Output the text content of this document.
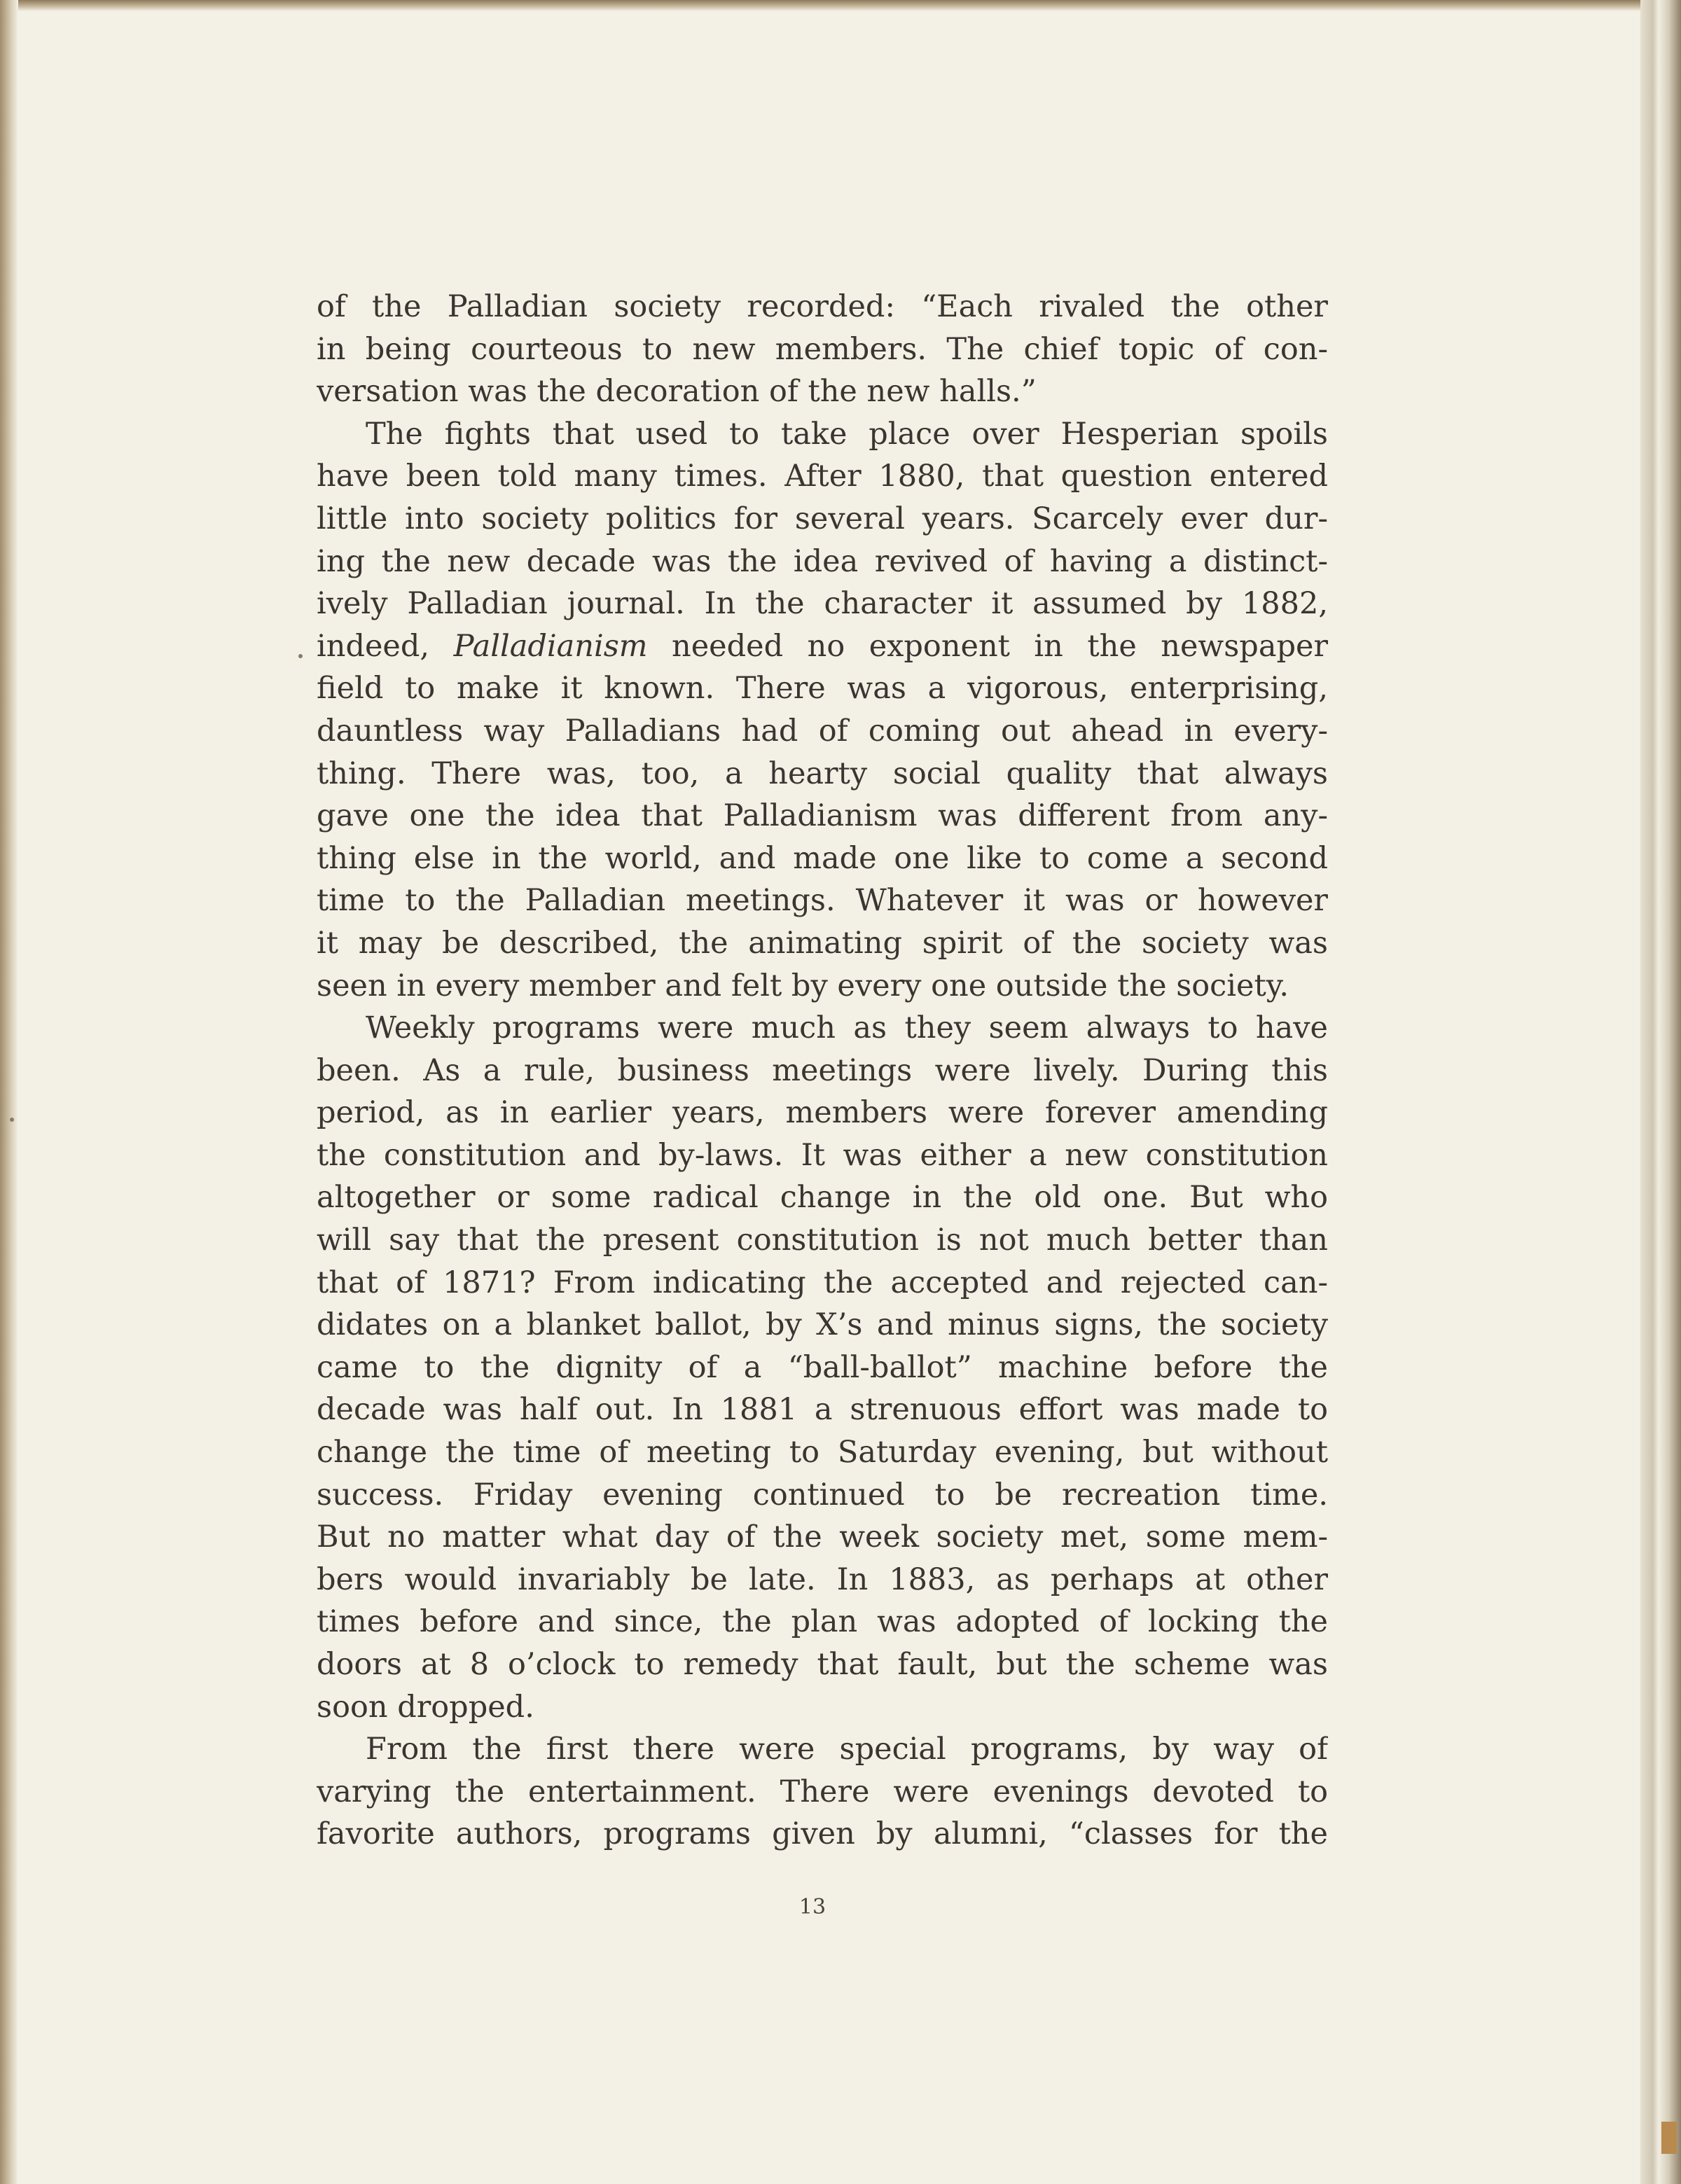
of the Palladian society recorded: “Each rivaled the other
in being courteous to new members. The chief topic of con-
versation was the decoration of the new halls.”
The fights that used to take place over Hesperian spoils
have been told many times. After 1880, that question entered
little into society politics for several years. Scarcely ever dur-
ing the new decade was the idea revived of having a distinct-
ively Palladian journal. In the character it assumed by 1882,
indeed, Palladianism needed no exponent in the newspaper
field to make it known. There was a vigorous, enterprising,
dauntless way Palladians had of coming out ahead in every-
thing. There was, too, a hearty social quality that always
gave one the idea that Palladianism was different from any-
thing else in the world, and made one like to come a second
time to the Palladian meetings. Whatever it was or however
it may be described, the animating spirit of the society was
seen in every member and felt by every one outside the society.
Weekly programs were much as they seem always to have
been. As a rule, business meetings were lively. During this
period, as in earlier years, members were forever amending
the constitution and by-laws. It was either a new constitution
altogether or some radical change in the old one. But who
will say that the present constitution is not much better than
that of 1871? From indicating the accepted and rejected can-
didates on a blanket ballot, by X’s and minus signs, the society
came to the dignity of a “ball-ballot” machine before the
decade was half out. In 1881 a strenuous effort was made to
change the time of meeting to Saturday evening, but without
success. Friday evening continued to be recreation time.
But no matter what day of the week society met, some mem-
bers would invariably be late. In 1883, as perhaps at other
times before and since, the plan was adopted of locking the
doors at 8 o’clock to remedy that fault, but the scheme was
soon dropped.
From the first there were special programs, by way of
varying the entertainment. There were evenings devoted to
favorite authors, programs given by alumni, “classes for the
13
